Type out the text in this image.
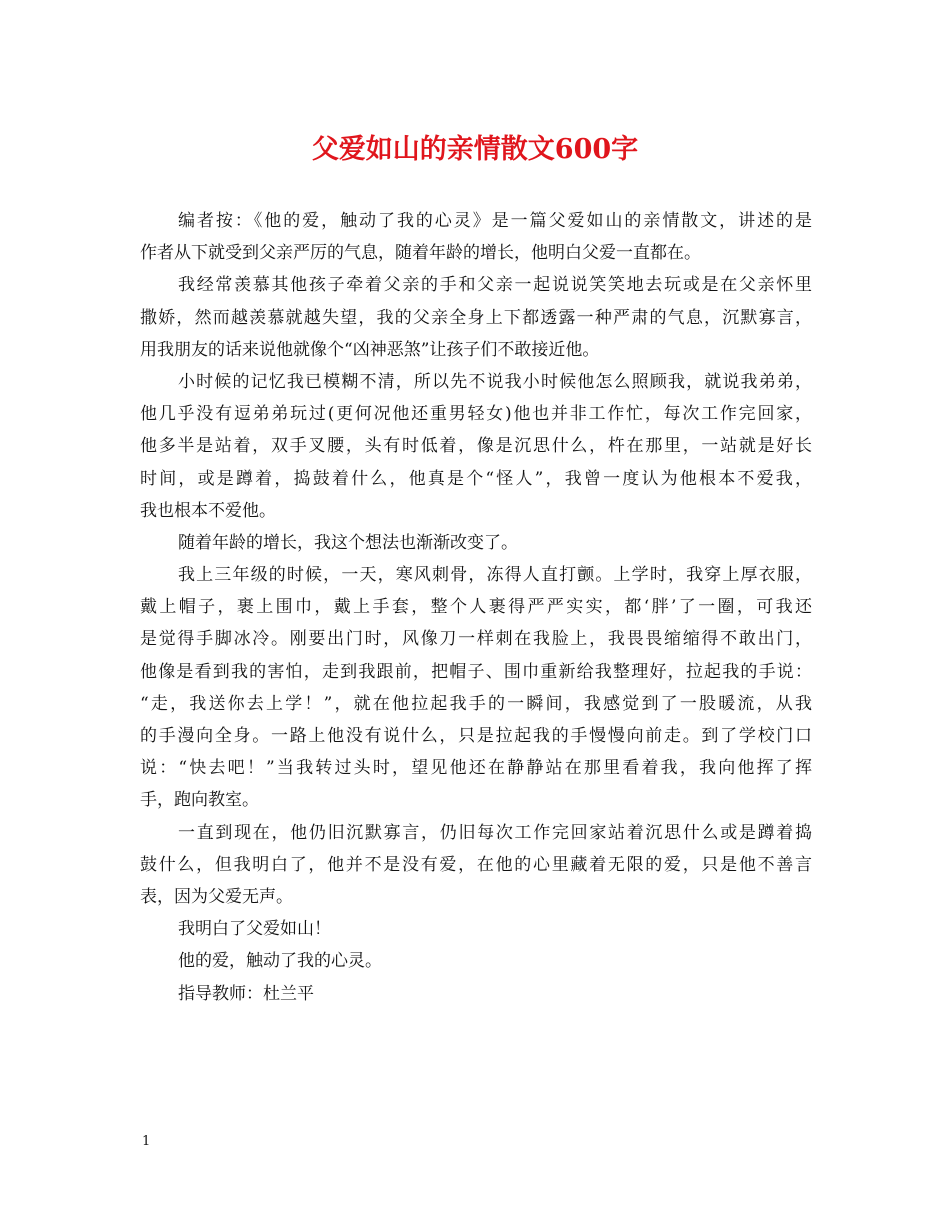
父爱如山的亲情散文600字
编者按：《他的爱，触动了我的心灵》是一篇父爱如山的亲情散文，讲述的是
作者从下就受到父亲严厉的气息，随着年龄的增长，他明白父爱一直都在。
我经常羡慕其他孩子牵着父亲的手和父亲一起说说笑笑地去玩或是在父亲怀里
撒娇，然而越羡慕就越失望，我的父亲全身上下都透露一种严肃的气息，沉默寡言，
用我朋友的话来说他就像个“凶神恶煞”让孩子们不敢接近他。
小时候的记忆我已模糊不清，所以先不说我小时候他怎么照顾我，就说我弟弟，
他几乎没有逗弟弟玩过(更何况他还重男轻女)他也并非工作忙，每次工作完回家，
他多半是站着，双手叉腰，头有时低着，像是沉思什么，杵在那里，一站就是好长
时间，或是蹲着，捣鼓着什么，他真是个“怪人”，我曾一度认为他根本不爱我，
我也根本不爱他。
随着年龄的增长，我这个想法也渐渐改变了。
我上三年级的时候，一天，寒风刺骨，冻得人直打颤。上学时，我穿上厚衣服，
戴上帽子，裹上围巾，戴上手套，整个人裹得严严实实，都‘胖’了一圈，可我还
是觉得手脚冰冷。刚要出门时，风像刀一样刺在我脸上，我畏畏缩缩得不敢出门，
他像是看到我的害怕，走到我跟前，把帽子、围巾重新给我整理好，拉起我的手说：
“走，我送你去上学！”，就在他拉起我手的一瞬间，我感觉到了一股暖流，从我
的手漫向全身。一路上他没有说什么，只是拉起我的手慢慢向前走。到了学校门口
说：“快去吧！”当我转过头时，望见他还在静静站在那里看着我，我向他挥了挥
手，跑向教室。
一直到现在，他仍旧沉默寡言，仍旧每次工作完回家站着沉思什么或是蹲着捣
鼓什么，但我明白了，他并不是没有爱，在他的心里藏着无限的爱，只是他不善言
表，因为父爱无声。
我明白了父爱如山！
他的爱，触动了我的心灵。
指导教师：杜兰平
1
